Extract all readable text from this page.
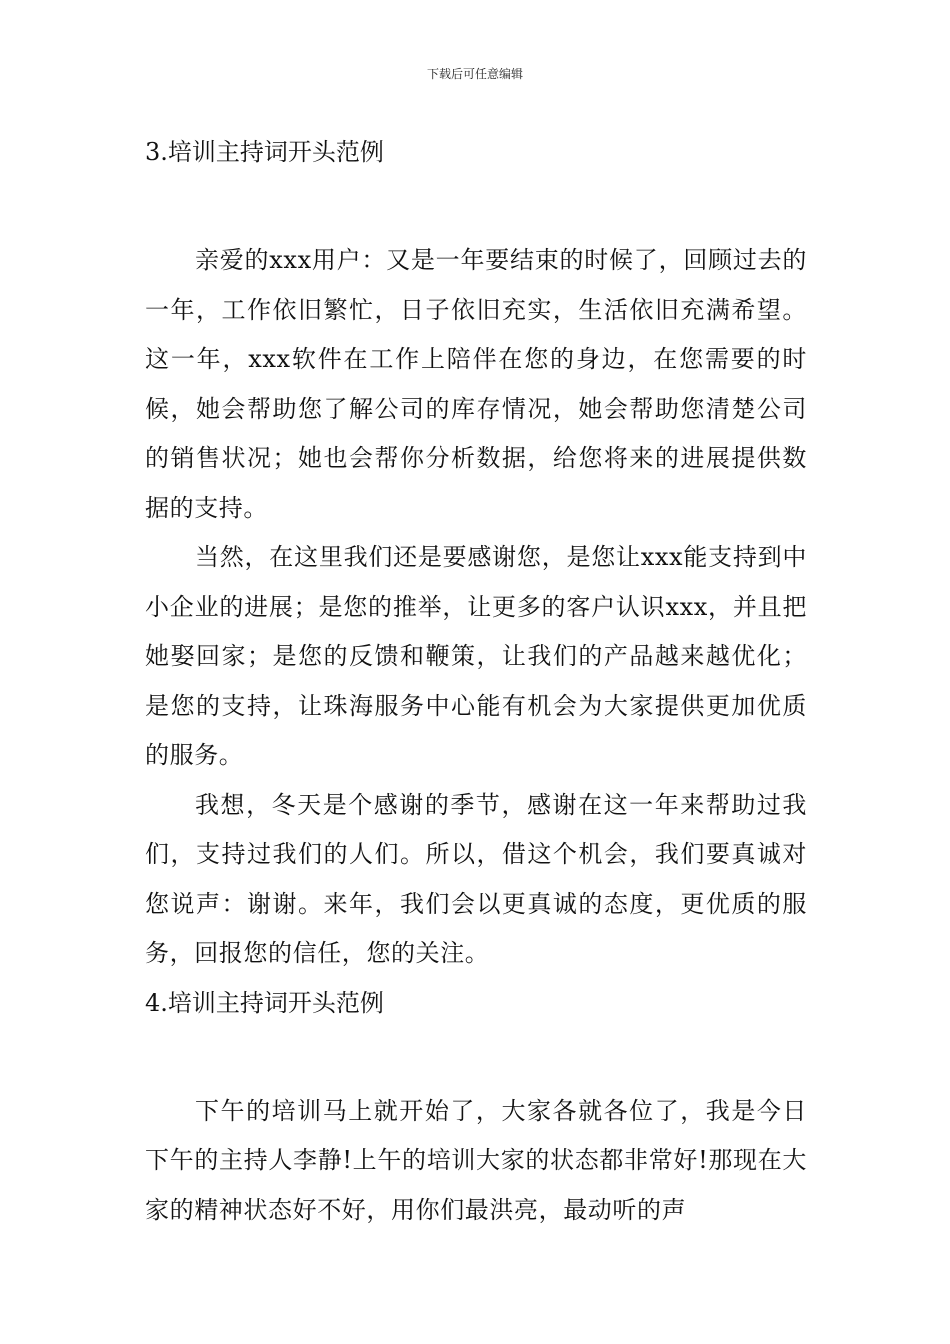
下载后可任意编辑

3.培训主持词开头范例

亲爱的xxx用户：又是一年要结束的时候了，回顾过去的一年，工作依旧繁忙，日子依旧充实，生活依旧充满希望。这一年，xxx软件在工作上陪伴在您的身边，在您需要的时候，她会帮助您了解公司的库存情况，她会帮助您清楚公司的销售状况；她也会帮你分析数据，给您将来的进展提供数据的支持。

当然，在这里我们还是要感谢您，是您让xxx能支持到中小企业的进展；是您的推举，让更多的客户认识xxx，并且把她娶回家；是您的反馈和鞭策，让我们的产品越来越优化；是您的支持，让珠海服务中心能有机会为大家提供更加优质的服务。

我想，冬天是个感谢的季节，感谢在这一年来帮助过我们，支持过我们的人们。所以，借这个机会，我们要真诚对您说声：谢谢。来年，我们会以更真诚的态度，更优质的服务，回报您的信任，您的关注。

4.培训主持词开头范例

下午的培训马上就开始了，大家各就各位了，我是今日下午的主持人李静!上午的培训大家的状态都非常好!那现在大家的精神状态好不好，用你们最洪亮，最动听的声
